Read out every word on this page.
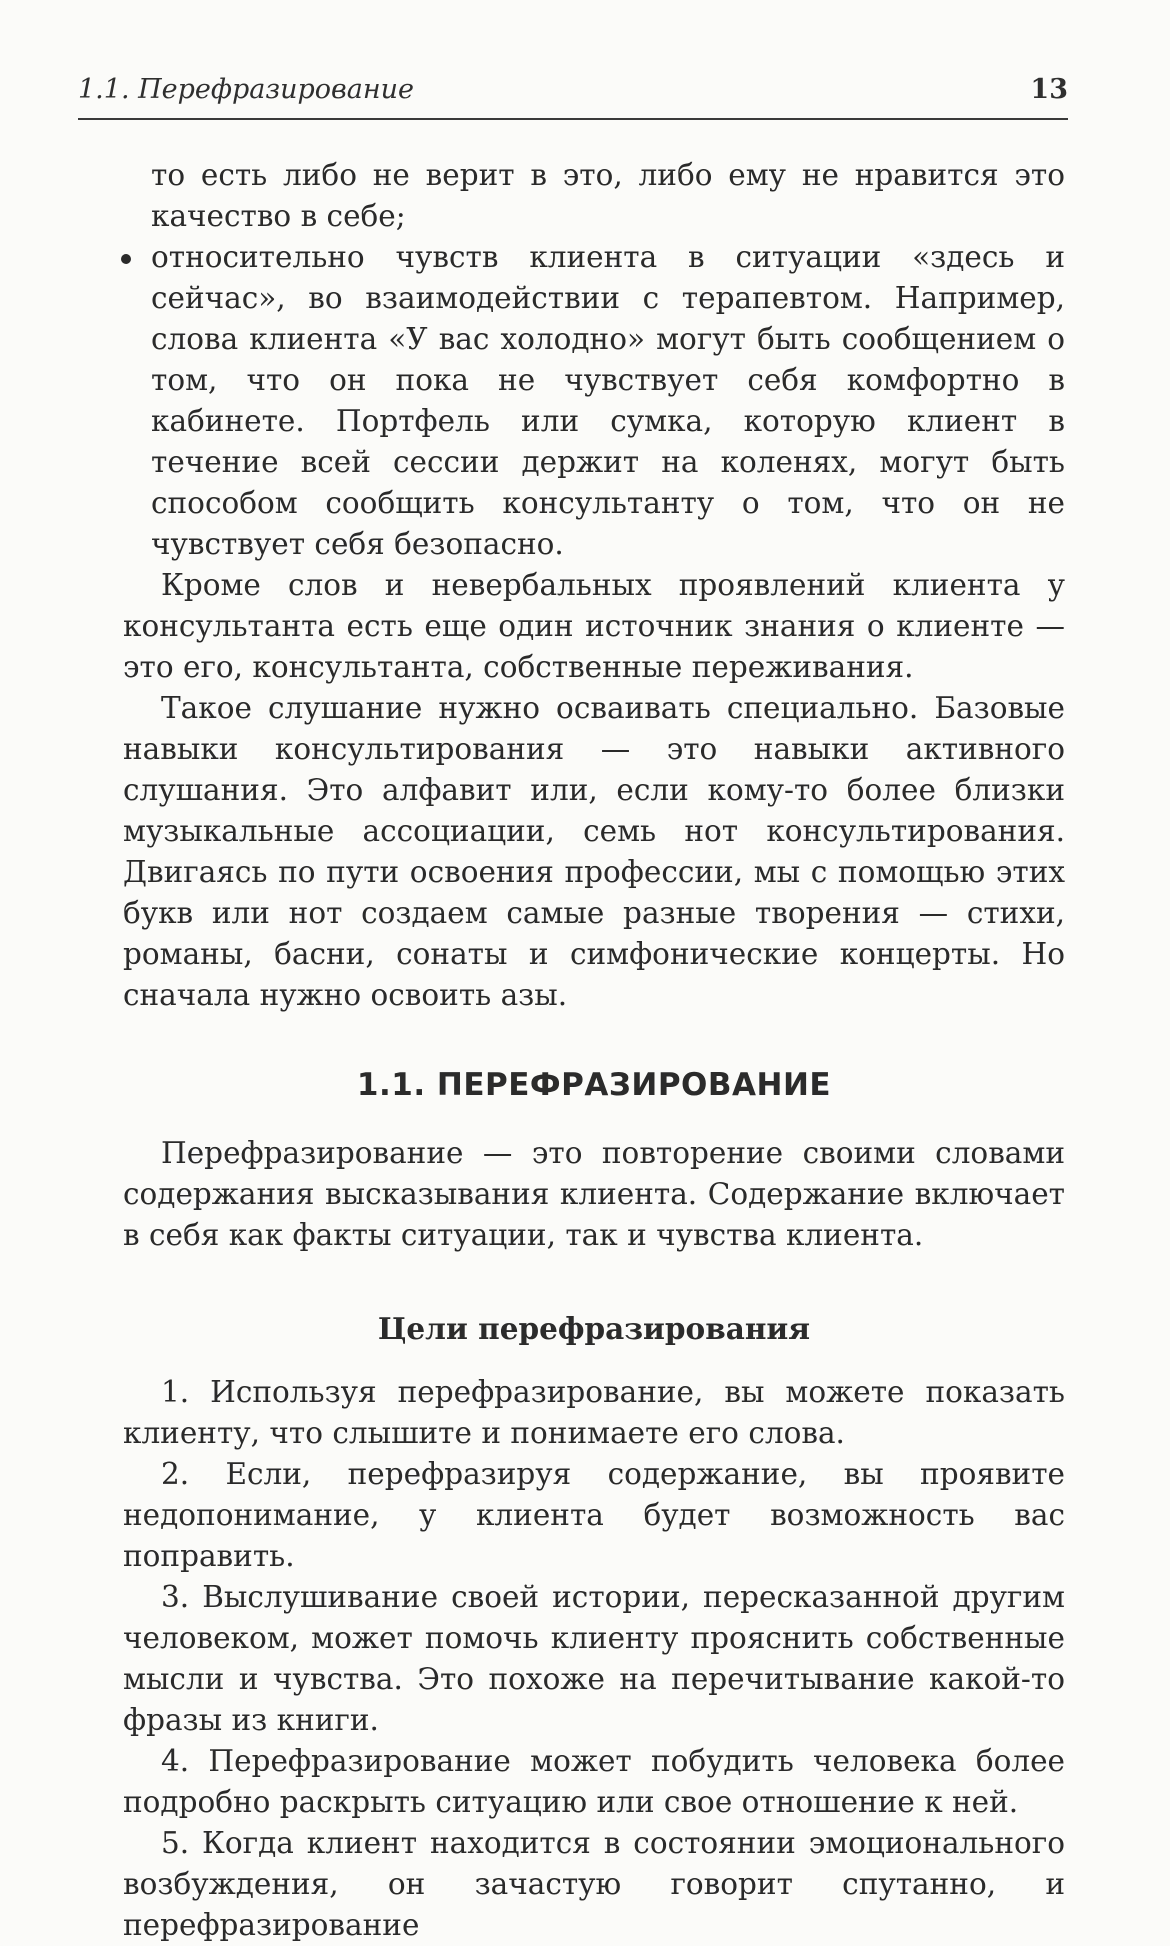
1.1. Перефразирование	13

то есть либо не верит в это, либо ему не нравится это качество в себе;

относительно чувств клиента в ситуации «здесь и сейчас», во взаимодействии с терапевтом. Например, слова клиента «У вас холодно» могут быть сообщением о том, что он пока не чувствует себя комфортно в кабинете. Портфель или сумка, которую клиент в течение всей сессии держит на коленях, могут быть способом сообщить консультанту о том, что он не чувствует себя безопасно.

Кроме слов и невербальных проявлений клиента у консультанта есть еще один источник знания о клиенте — это его, консультанта, собственные переживания.

Такое слушание нужно осваивать специально. Базовые навыки консультирования — это навыки активного слушания. Это алфавит или, если кому-то более близки музыкальные ассоциации, семь нот консультирования. Двигаясь по пути освоения профессии, мы с помощью этих букв или нот создаем самые разные творения — стихи, романы, басни, сонаты и симфонические концерты. Но сначала нужно освоить азы.

1.1. ПЕРЕФРАЗИРОВАНИЕ

Перефразирование — это повторение своими словами содержания высказывания клиента. Содержание включает в себя как факты ситуации, так и чувства клиента.

Цели перефразирования

1. Используя перефразирование, вы можете показать клиенту, что слышите и понимаете его слова.

2. Если, перефразируя содержание, вы проявите недопонимание, у клиента будет возможность вас поправить.

3. Выслушивание своей истории, пересказанной другим человеком, может помочь клиенту прояснить собственные мысли и чувства. Это похоже на перечитывание какой-то фразы из книги.

4. Перефразирование может побудить человека более подробно раскрыть ситуацию или свое отношение к ней.

5. Когда клиент находится в состоянии эмоционального возбуждения, он зачастую говорит спутанно, и перефразирование
